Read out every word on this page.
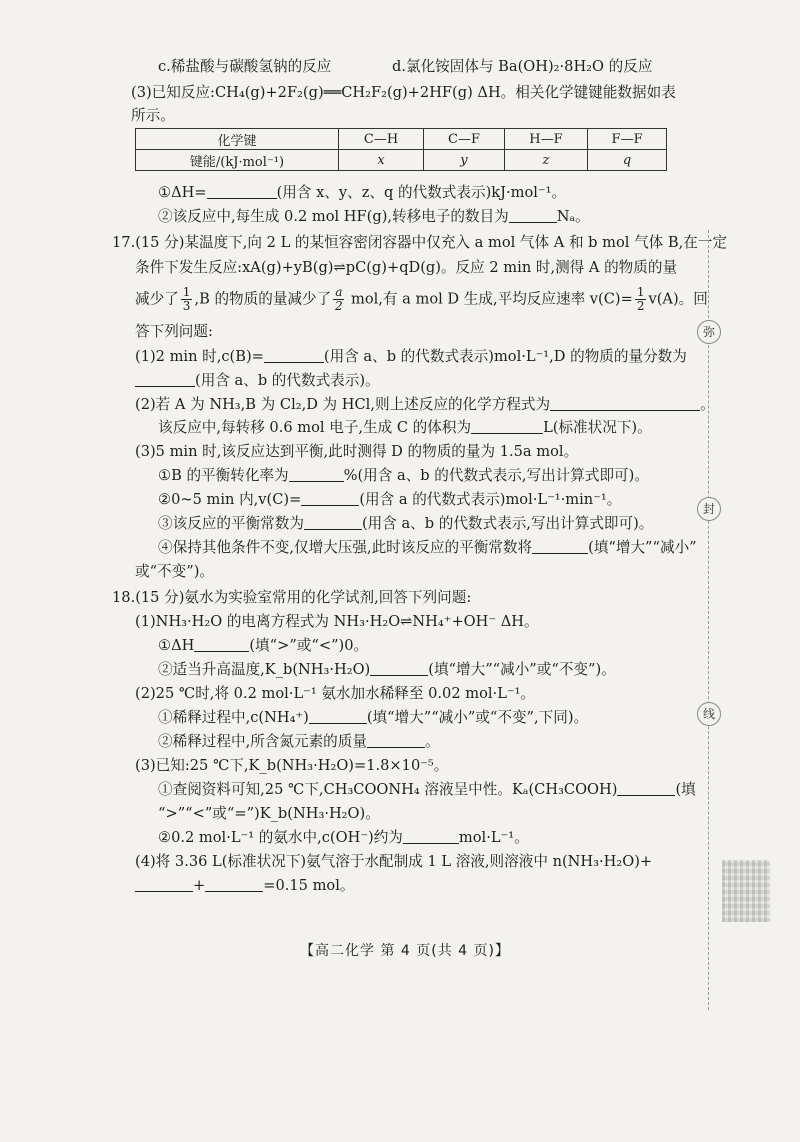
c.稀盐酸与碳酸氢钠的反应	d.氯化铵固体与 Ba(OH)₂·8H₂O 的反应
(3)已知反应:CH₄(g)+2F₂(g)══CH₂F₂(g)+2HF(g) ΔH。相关化学键键能数据如表
所示。
化学键	C—H	C—F	H—F	F—F
键能/(kJ·mol⁻¹)	x	y	z	q
①ΔH=	(用含 x、y、z、q 的代数式表示)kJ·mol⁻¹。
②该反应中,每生成 0.2 mol HF(g),转移电子的数目为	Nₐ。
17.(15 分)某温度下,向 2 L 的某恒容密闭容器中仅充入 a mol 气体 A 和 b mol 气体 B,在一定
条件下发生反应:xA(g)+yB(g)⇌pC(g)+qD(g)。反应 2 min 时,测得 A 的物质的量
减少了 $\frac{1}{3} ,B$ 的物质的量减少了 $\frac{a}{2}$ mol,有 a mol D 生成,平均反应速率 $v(C)= \frac{1}{2} v(A)$。回
答下列问题:
(1)2 min 时,c(B)=	(用含 a、b 的代数式表示)mol·L⁻¹,D 的物质的量分数为
(用含 a、b 的代数式表示)。
(2)若 A 为 NH₃,B 为 Cl₂,D 为 HCl,则上述反应的化学方程式为	。
该反应中,每转移 0.6 mol 电子,生成 C 的体积为	L(标准状况下)。
(3)5 min 时,该反应达到平衡,此时测得 D 的物质的量为 1.5a mol。
①B 的平衡转化率为	%(用含 a、b 的代数式表示,写出计算式即可)。
②0~5 min 内,v(C)=	(用含 a 的代数式表示)mol·L⁻¹·min⁻¹。
③该反应的平衡常数为	(用含 a、b 的代数式表示,写出计算式即可)。
④保持其他条件不变,仅增大压强,此时该反应的平衡常数将	(填“增大”“减小”
或“不变”)。
18.(15 分)氨水为实验室常用的化学试剂,回答下列问题:
(1)NH₃·H₂O 的电离方程式为 NH₃·H₂O⇌NH₄⁺+OH⁻ ΔH。
①ΔH	(填“>”或“<”)0。
②适当升高温度,K_b(NH₃·H₂O)	(填“增大”“减小”或“不变”)。
(2)25 ℃时,将 0.2 mol·L⁻¹ 氨水加水稀释至 0.02 mol·L⁻¹。
①稀释过程中,c(NH₄⁺)	(填“增大”“减小”或“不变”,下同)。
②稀释过程中,所含氮元素的质量	。
(3)已知:25 ℃下,K_b(NH₃·H₂O)=1.8×10⁻⁵。
①查阅资料可知,25 ℃下,CH₃COONH₄ 溶液呈中性。Kₐ(CH₃COOH)	(填
“>”“<”或“=”)K_b(NH₃·H₂O)。
②0.2 mol·L⁻¹ 的氨水中,c(OH⁻)约为	mol·L⁻¹。
(4)将 3.36 L(标准状况下)氨气溶于水配制成 1 L 溶液,则溶液中 n(NH₃·H₂O)+
+	=0.15 mol。
【高二化学 第 4 页(共 4 页)】
弥
封
线
